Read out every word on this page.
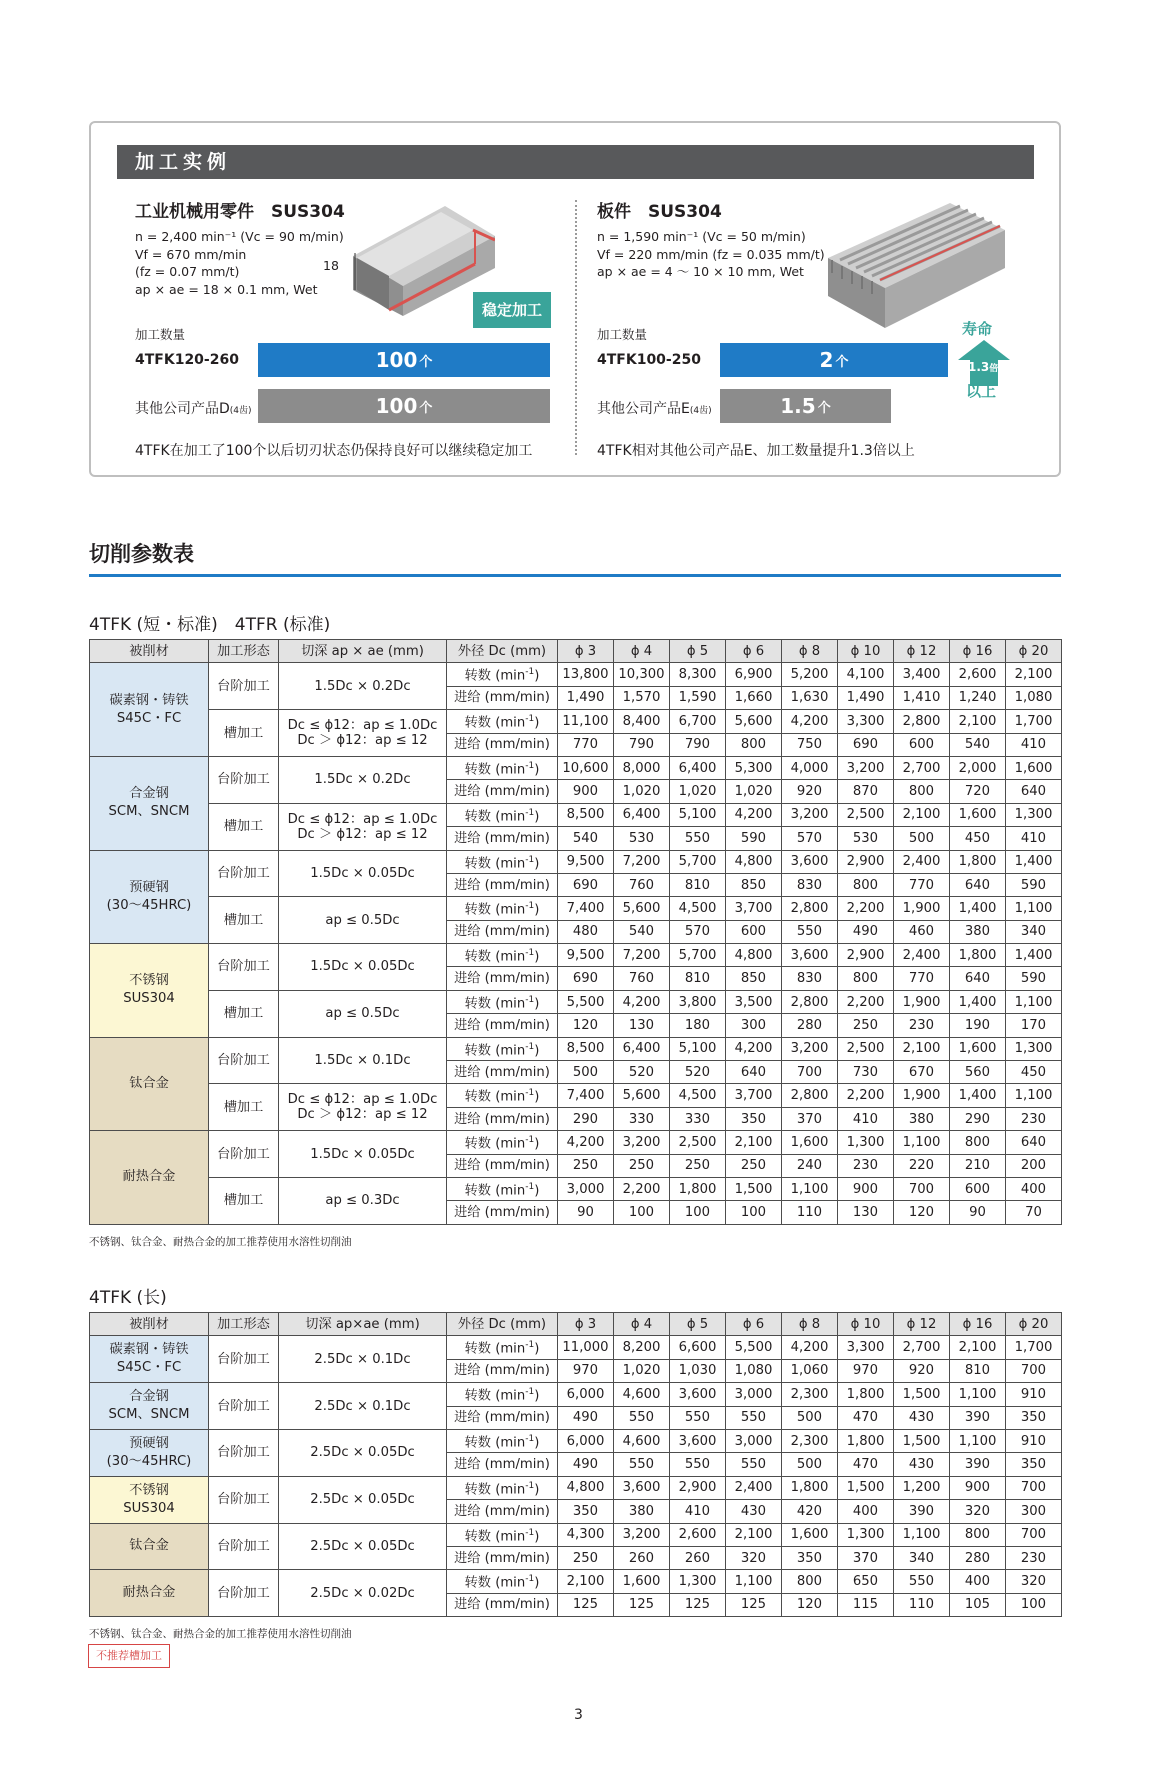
加工实例
工业机械用零件　SUS304
n = 2,400 min⁻¹ (Vc = 90 m/min)
Vf = 670 mm/min
(fz = 0.07 mm/t)
ap × ae = 18 × 0.1 mm, Wet
18
稳定加工
加工数量
4TFK120-260	100 个
其他公司产品D(4齿)	100 个
4TFK在加工了100个以后切刃状态仍保持良好可以继续稳定加工
板件　SUS304
n = 1,590 min⁻¹ (Vc = 50 m/min)
Vf = 220 mm/min (fz = 0.035 mm/t)
ap × ae = 4 ～ 10 × 10 mm, Wet
加工数量
4TFK100-250	2 个
其他公司产品E(4齿)	1.5 个
寿命
1.3倍
以上
4TFK相对其他公司产品E、加工数量提升1.3倍以上
切削参数表
4TFK (短・标准)　4TFR (标准)
被削材	加工形态	切深 ap × ae (mm)	外径 Dc (mm)	ϕ 3	ϕ 4	ϕ 5	ϕ 6	ϕ 8	ϕ 10	ϕ 12	ϕ 16	ϕ 20

碳素钢・铸铁
S45C・FC	台阶加工	1.5Dc × 0.2Dc	转数 $(\min^{-1})$	13,800	10,300	8,300	6,900	5,200	4,100	3,400	2,600	2,100
			进给 (mm/min)	1,490	1,570	1,590	1,660	1,630	1,490	1,410	1,240	1,080
	槽加工	Dc ≤ ϕ12：ap ≤ 1.0Dc
Dc ＞ ϕ12：ap ≤ 12	转数 $(\min^{-1})$	11,100	8,400	6,700	5,600	4,200	3,300	2,800	2,100	1,700
			进给 (mm/min)	770	790	790	800	750	690	600	540	410

合金钢
SCM、SNCM	台阶加工	1.5Dc × 0.2Dc	转数 $(\min^{-1})$	10,600	8,000	6,400	5,300	4,000	3,200	2,700	2,000	1,600
			进给 (mm/min)	900	1,020	1,020	1,020	920	870	800	720	640
	槽加工	Dc ≤ ϕ12：ap ≤ 1.0Dc
Dc ＞ ϕ12：ap ≤ 12	转数 $(\min^{-1})$	8,500	6,400	5,100	4,200	3,200	2,500	2,100	1,600	1,300
			进给 (mm/min)	540	530	550	590	570	530	500	450	410

预硬钢
(30～45HRC)	台阶加工	1.5Dc × 0.05Dc	转数 $(\min^{-1})$	9,500	7,200	5,700	4,800	3,600	2,900	2,400	1,800	1,400
			进给 (mm/min)	690	760	810	850	830	800	770	640	590
	槽加工	ap ≤ 0.5Dc	转数 $(\min^{-1})$	7,400	5,600	4,500	3,700	2,800	2,200	1,900	1,400	1,100
			进给 (mm/min)	480	540	570	600	550	490	460	380	340

不锈钢
SUS304	台阶加工	1.5Dc × 0.05Dc	转数 $(\min^{-1})$	9,500	7,200	5,700	4,800	3,600	2,900	2,400	1,800	1,400
			进给 (mm/min)	690	760	810	850	830	800	770	640	590
	槽加工	ap ≤ 0.5Dc	转数 $(\min^{-1})$	5,500	4,200	3,800	3,500	2,800	2,200	1,900	1,400	1,100
			进给 (mm/min)	120	130	180	300	280	250	230	190	170

钛合金	台阶加工	1.5Dc × 0.1Dc	转数 $(\min^{-1})$	8,500	6,400	5,100	4,200	3,200	2,500	2,100	1,600	1,300
			进给 (mm/min)	500	520	520	640	700	730	670	560	450
	槽加工	Dc ≤ ϕ12：ap ≤ 1.0Dc
Dc ＞ ϕ12：ap ≤ 12	转数 $(\min^{-1})$	7,400	5,600	4,500	3,700	2,800	2,200	1,900	1,400	1,100
			进给 (mm/min)	290	330	330	350	370	410	380	290	230

耐热合金	台阶加工	1.5Dc × 0.05Dc	转数 $(\min^{-1})$	4,200	3,200	2,500	2,100	1,600	1,300	1,100	800	640
			进给 (mm/min)	250	250	250	250	240	230	220	210	200
	槽加工	ap ≤ 0.3Dc	转数 $(\min^{-1})$	3,000	2,200	1,800	1,500	1,100	900	700	600	400
			进给 (mm/min)	90	100	100	100	110	130	120	90	70
不锈钢、钛合金、耐热合金的加工推荐使用水溶性切削油
4TFK (长)
被削材	加工形态	切深 ap×ae (mm)	外径 Dc (mm)	ϕ 3	ϕ 4	ϕ 5	ϕ 6	ϕ 8	ϕ 10	ϕ 12	ϕ 16	ϕ 20

碳素钢・铸铁
S45C・FC	台阶加工	2.5Dc × 0.1Dc	转数 $(\min^{-1})$	11,000	8,200	6,600	5,500	4,200	3,300	2,700	2,100	1,700
			进给 (mm/min)	970	1,020	1,030	1,080	1,060	970	920	810	700

合金钢
SCM、SNCM	台阶加工	2.5Dc × 0.1Dc	转数 $(\min^{-1})$	6,000	4,600	3,600	3,000	2,300	1,800	1,500	1,100	910
			进给 (mm/min)	490	550	550	550	500	470	430	390	350

预硬钢
(30～45HRC)	台阶加工	2.5Dc × 0.05Dc	转数 $(\min^{-1})$	6,000	4,600	3,600	3,000	2,300	1,800	1,500	1,100	910
			进给 (mm/min)	490	550	550	550	500	470	430	390	350

不锈钢
SUS304	台阶加工	2.5Dc × 0.05Dc	转数 $(\min^{-1})$	4,800	3,600	2,900	2,400	1,800	1,500	1,200	900	700
			进给 (mm/min)	350	380	410	430	420	400	390	320	300

钛合金	台阶加工	2.5Dc × 0.05Dc	转数 $(\min^{-1})$	4,300	3,200	2,600	2,100	1,600	1,300	1,100	800	700
			进给 (mm/min)	250	260	260	320	350	370	340	280	230

耐热合金	台阶加工	2.5Dc × 0.02Dc	转数 $(\min^{-1})$	2,100	1,600	1,300	1,100	800	650	550	400	320
			进给 (mm/min)	125	125	125	125	120	115	110	105	100
不锈钢、钛合金、耐热合金的加工推荐使用水溶性切削油
不推荐槽加工
3
